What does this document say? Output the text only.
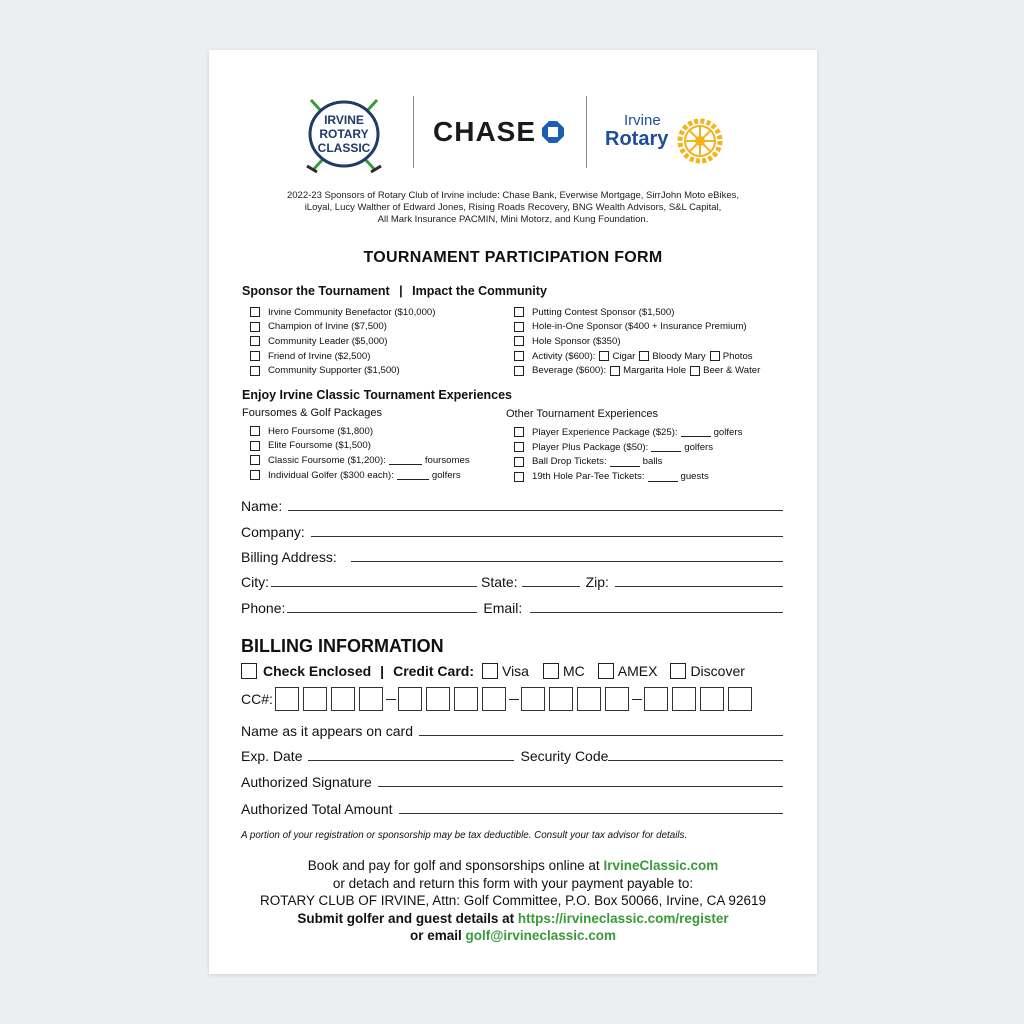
IRVINE
ROTARY
CLASSIC
CHASE	Irvine
Rotary
2022-23 Sponsors of Rotary Club of Irvine include: Chase Bank, Everwise Mortgage, SirrJohn Moto eBikes,
iLoyal, Lucy Walther of Edward Jones, Rising Roads Recovery, BNG Wealth Advisors, S&L Capital,
All Mark Insurance PACMIN, Mini Motorz, and Kung Foundation.
TOURNAMENT PARTICIPATION FORM
Sponsor the Tournament | Impact the Community
Irvine Community Benefactor ($10,000)
Champion of Irvine ($7,500)
Community Leader ($5,000)
Friend of Irvine ($2,500)
Community Supporter ($1,500)
Putting Contest Sponsor ($1,500)
Hole-in-One Sponsor ($400 + Insurance Premium)
Hole Sponsor ($350)
Activity ($600): Cigar Bloody Mary Photos
Beverage ($600): Margarita Hole Beer & Water
Enjoy Irvine Classic Tournament Experiences
Foursomes & Golf Packages	Other Tournament Experiences
Hero Foursome ($1,800)
Elite Foursome ($1,500)
Classic Foursome ($1,200):	foursomes
Individual Golfer ($300 each):	golfers
Player Experience Package ($25):	golfers
Player Plus Package ($50):	golfers
Ball Drop Tickets:	balls
19th Hole Par-Tee Tickets:	guests
Name:
Company:
Billing Address:
City:	State:	Zip:
Phone:	Email:
BILLING INFORMATION
Check Enclosed | Credit Card: Visa MC AMEX Discover
CC#:
Name as it appears on card
Exp. Date	Security Code
Authorized Signature
Authorized Total Amount
A portion of your registration or sponsorship may be tax deductible. Consult your tax advisor for details.
Book and pay for golf and sponsorships online at IrvineClassic.com
or detach and return this form with your payment payable to:
ROTARY CLUB OF IRVINE, Attn: Golf Committee, P.O. Box 50066, Irvine, CA 92619
Submit golfer and guest details at https://irvineclassic.com/register
or email golf@irvineclassic.com
